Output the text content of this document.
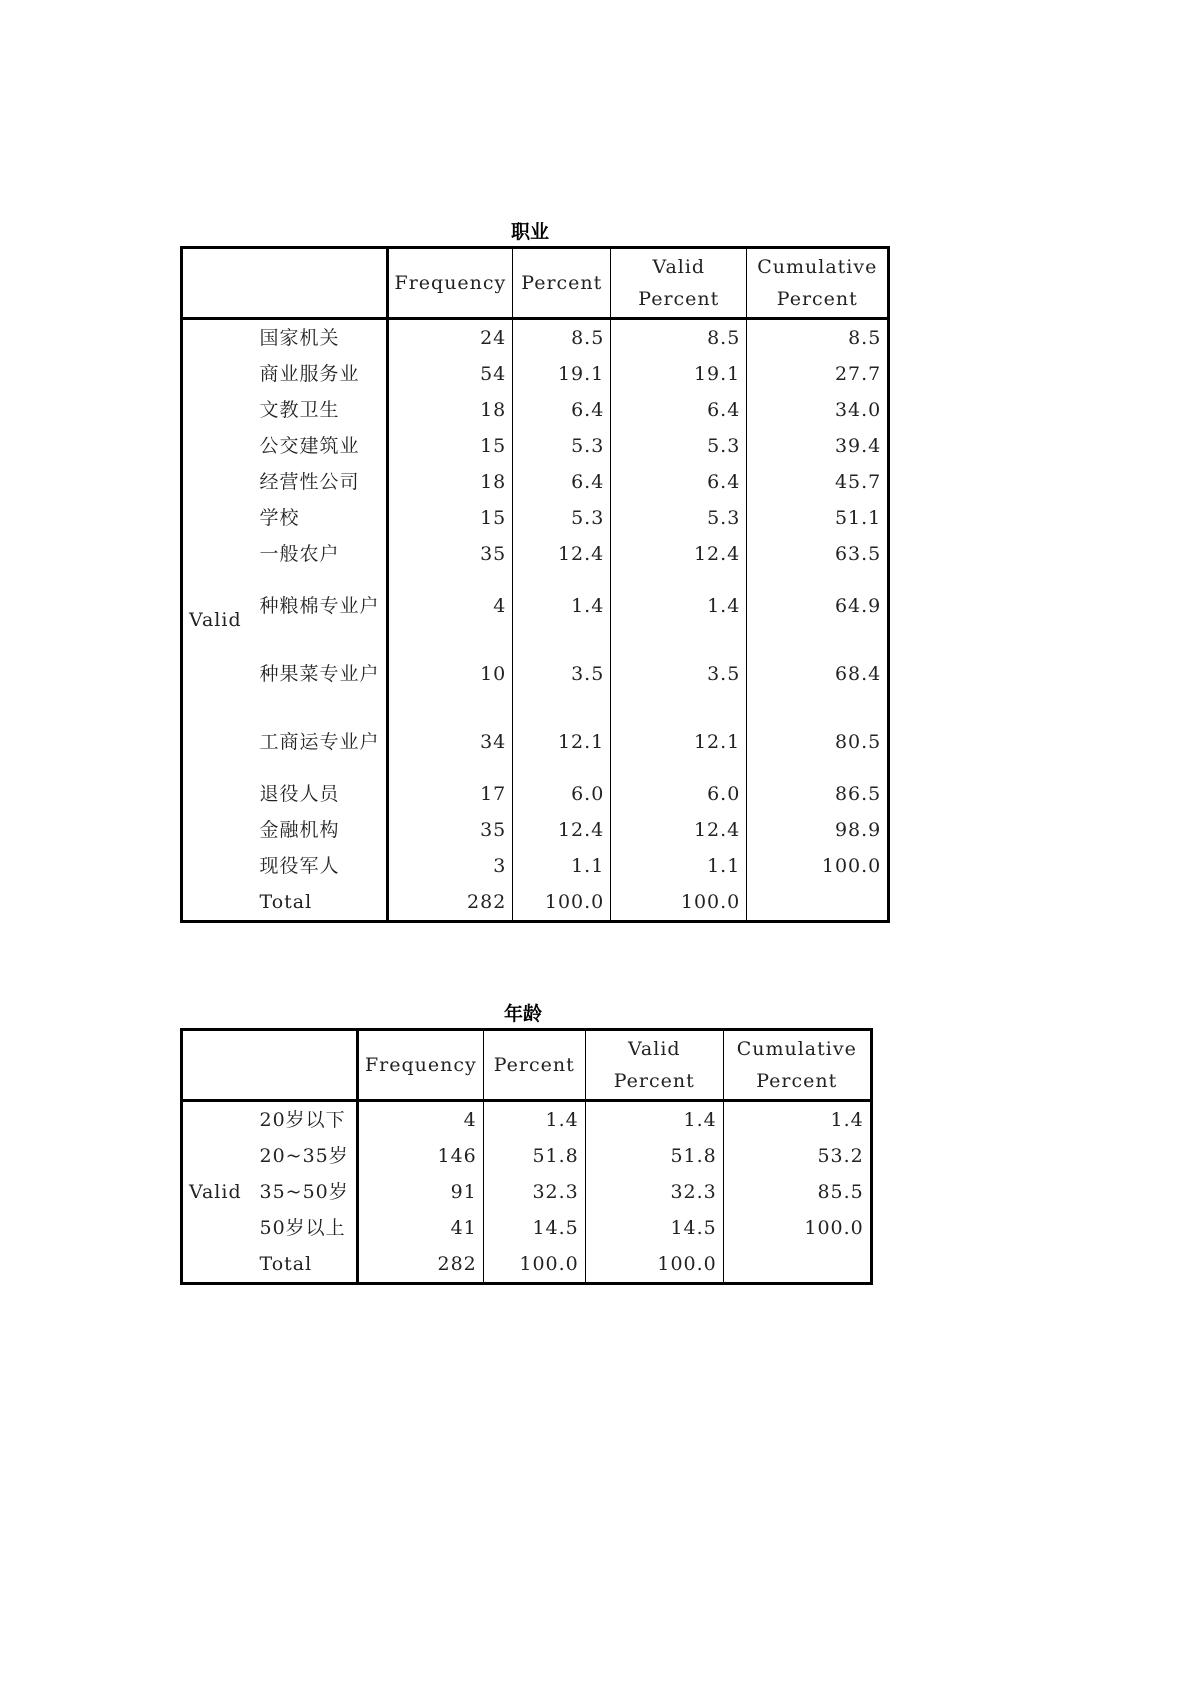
职业
		Frequency	Percent	Valid Percent	Cumulative Percent
Valid	国家机关	24	8.5	8.5	8.5
	商业服务业	54	19.1	19.1	27.7
	文教卫生	18	6.4	6.4	34.0
	公交建筑业	15	5.3	5.3	39.4
	经营性公司	18	6.4	6.4	45.7
	学校	15	5.3	5.3	51.1
	一般农户	35	12.4	12.4	63.5
	种粮棉专业户	4	1.4	1.4	64.9
	种果菜专业户	10	3.5	3.5	68.4
	工商运专业户	34	12.1	12.1	80.5
	退役人员	17	6.0	6.0	86.5
	金融机构	35	12.4	12.4	98.9
	现役军人	3	1.1	1.1	100.0
	Total	282	100.0	100.0	
年龄
		Frequency	Percent	Valid Percent	Cumulative Percent
Valid	20岁以下	4	1.4	1.4	1.4
	20~35岁	146	51.8	51.8	53.2
	35~50岁	91	32.3	32.3	85.5
	50岁以上	41	14.5	14.5	100.0
	Total	282	100.0	100.0	
